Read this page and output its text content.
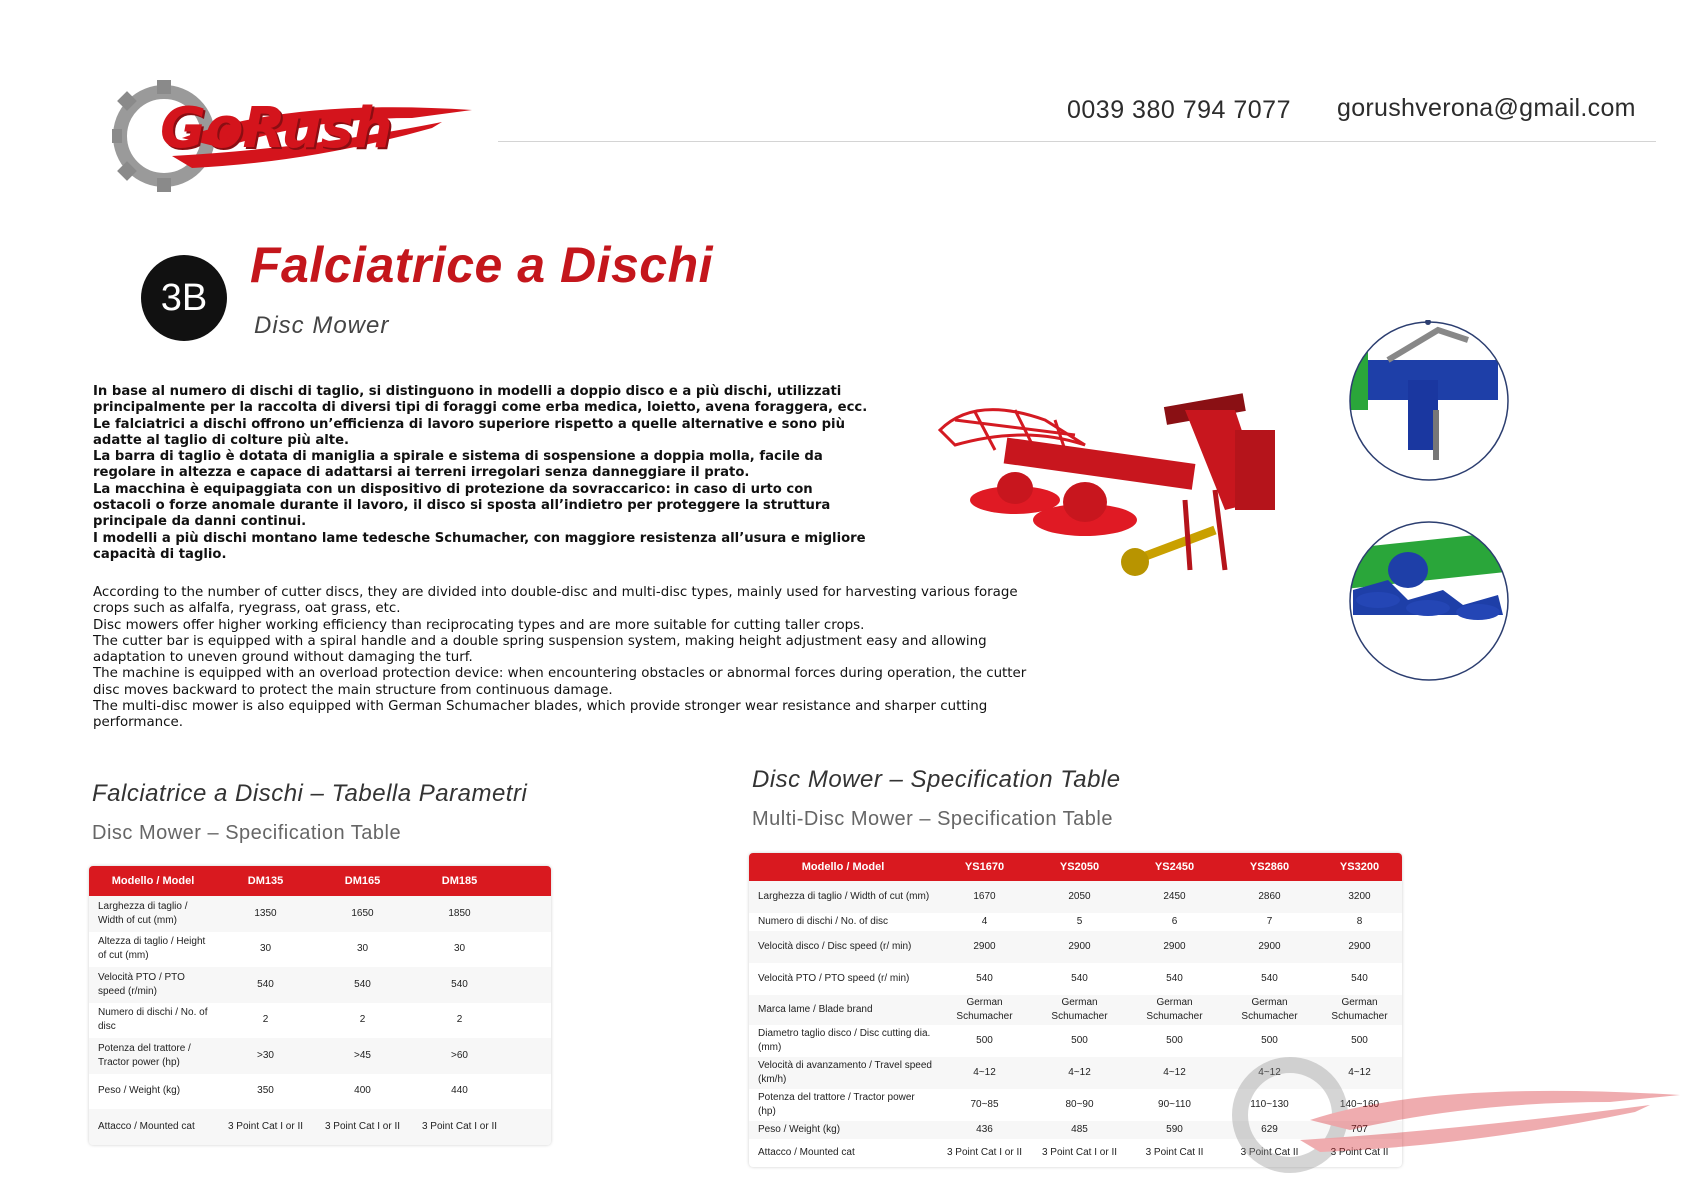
GoRush	0039 380 794 7077 gorushverona@gmail.com
3B
Falciatrice a Dischi
Disc Mower

In base al numero di dischi di taglio, si distinguono in modelli a doppio disco e a più dischi, utilizzati principalmente per la raccolta di diversi tipi di foraggi come erba medica, loietto, avena foraggera, ecc.

Le falciatrici a dischi offrono un’efficienza di lavoro superiore rispetto a quelle alternative e sono più adatte al taglio di colture più alte.

La barra di taglio è dotata di maniglia a spirale e sistema di sospensione a doppia molla, facile da regolare in altezza e capace di adattarsi ai terreni irregolari senza danneggiare il prato.

La macchina è equipaggiata con un dispositivo di protezione da sovraccarico: in caso di urto con ostacoli o forze anomale durante il lavoro, il disco si sposta all’indietro per proteggere la struttura principale da danni continui.

I modelli a più dischi montano lame tedesche Schumacher, con maggiore resistenza all’usura e migliore capacità di taglio.

According to the number of cutter discs, they are divided into double-disc and multi-disc types, mainly used for harvesting various forage crops such as alfalfa, ryegrass, oat grass, etc.

Disc mowers offer higher working efficiency than reciprocating types and are more suitable for cutting taller crops.

The cutter bar is equipped with a spiral handle and a double spring suspension system, making height adjustment easy and allowing adaptation to uneven ground without damaging the turf.

The machine is equipped with an overload protection device: when encountering obstacles or abnormal forces during operation, the cutter disc moves backward to protect the main structure from continuous damage.

The multi-disc mower is also equipped with German Schumacher blades, which provide stronger wear resistance and sharper cutting performance.

Falciatrice a Dischi – Tabella Parametri
Disc Mower – Specification Table
Modello / Model	DM135	DM165	DM185	
Larghezza di taglio / Width of cut (mm)	1350	1650	1850	
Altezza di taglio / Height of cut (mm)	30	30	30	
Velocità PTO / PTO speed (r/min)	540	540	540	
Numero di dischi / No. of disc	2	2	2	
Potenza del trattore / Tractor power (hp)	>30	>45	>60	
Peso / Weight (kg)	350	400	440	
Attacco / Mounted cat	3 Point Cat I or II	3 Point Cat I or II	3 Point Cat I or II	
Disc Mower – Specification Table
Multi-Disc Mower – Specification Table
Modello / Model	YS1670	YS2050	YS2450	YS2860	YS3200
Larghezza di taglio / Width of cut (mm)	1670	2050	2450	2860	3200
Numero di dischi / No. of disc	4	5	6	7	8
Velocità disco / Disc speed (r/ min)	2900	2900	2900	2900	2900
Velocità PTO / PTO speed (r/ min)	540	540	540	540	540
Marca lame / Blade brand	German Schumacher	German Schumacher	German Schumacher	German Schumacher	German Schumacher
Diametro taglio disco / Disc cutting dia. (mm)	500	500	500	500	500
Velocità di avanzamento / Travel speed (km/h)	4~12	4~12	4~12	4~12	4~12
Potenza del trattore / Tractor power (hp)	70~85	80~90	90~110	110~130	140~160
Peso / Weight (kg)	436	485	590	629	707
Attacco / Mounted cat	3 Point Cat I or II	3 Point Cat I or II	3 Point Cat II	3 Point Cat II	3 Point Cat II
